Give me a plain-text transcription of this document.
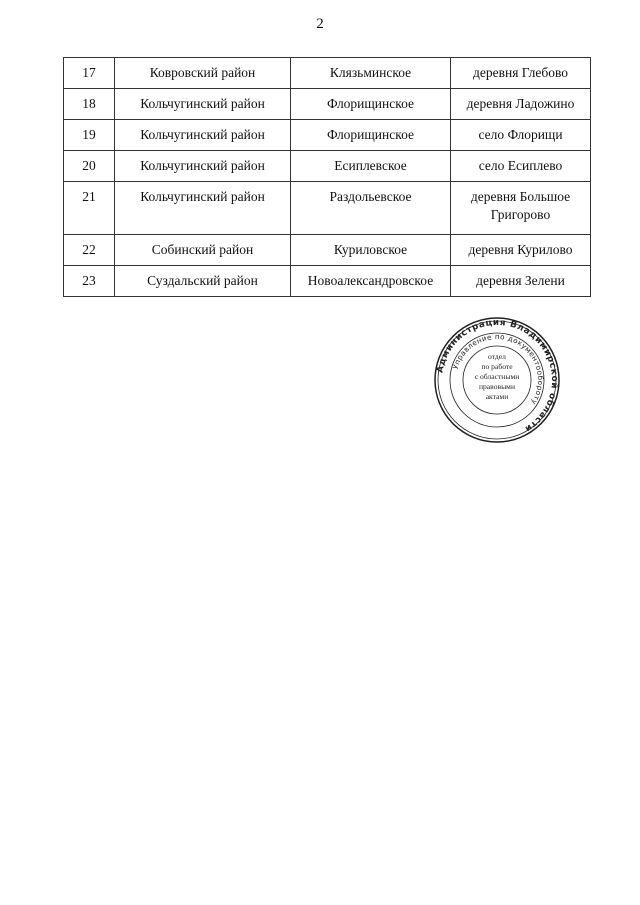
2
17	Ковровский район	Клязьминское	деревня Глебово
18	Кольчугинский район	Флорищинское	деревня Ладожино
19	Кольчугинский район	Флорищинское	село Флорищи
20	Кольчугинский район	Есиплевское	село Есиплево
21	Кольчугинский район	Раздольевское	деревня Большое Григорово
22	Собинский район	Куриловское	деревня Курилово
23	Суздальский район	Новоалександровское	деревня Зелени
Администрация Владимирской области
Управление по документообороту
отдел
по работе
с областными
правовыми
актами
